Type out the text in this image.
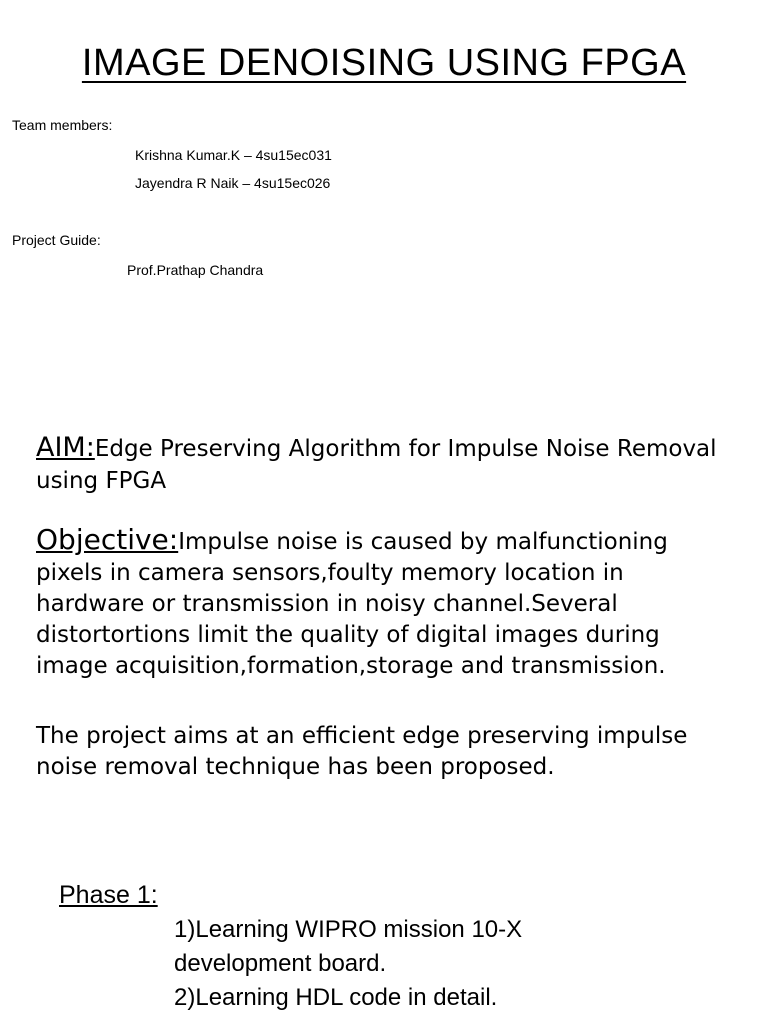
IMAGE DENOISING USING FPGA
Team members:
Krishna Kumar.K – 4su15ec031
Jayendra R Naik – 4su15ec026
Project Guide:
Prof.Prathap Chandra
AIM:Edge Preserving Algorithm for Impulse Noise Removal using FPGA
Objective:Impulse noise is caused by malfunctioning pixels in camera sensors,foulty memory location in hardware or transmission in noisy channel.Several distortortions limit the quality of digital images during image acquisition,formation,storage and transmission.
The project aims at an efficient edge preserving impulse noise removal technique has been proposed.
Phase 1:
1)Learning WIPRO mission 10-X
development board.
2)Learning HDL code in detail.
